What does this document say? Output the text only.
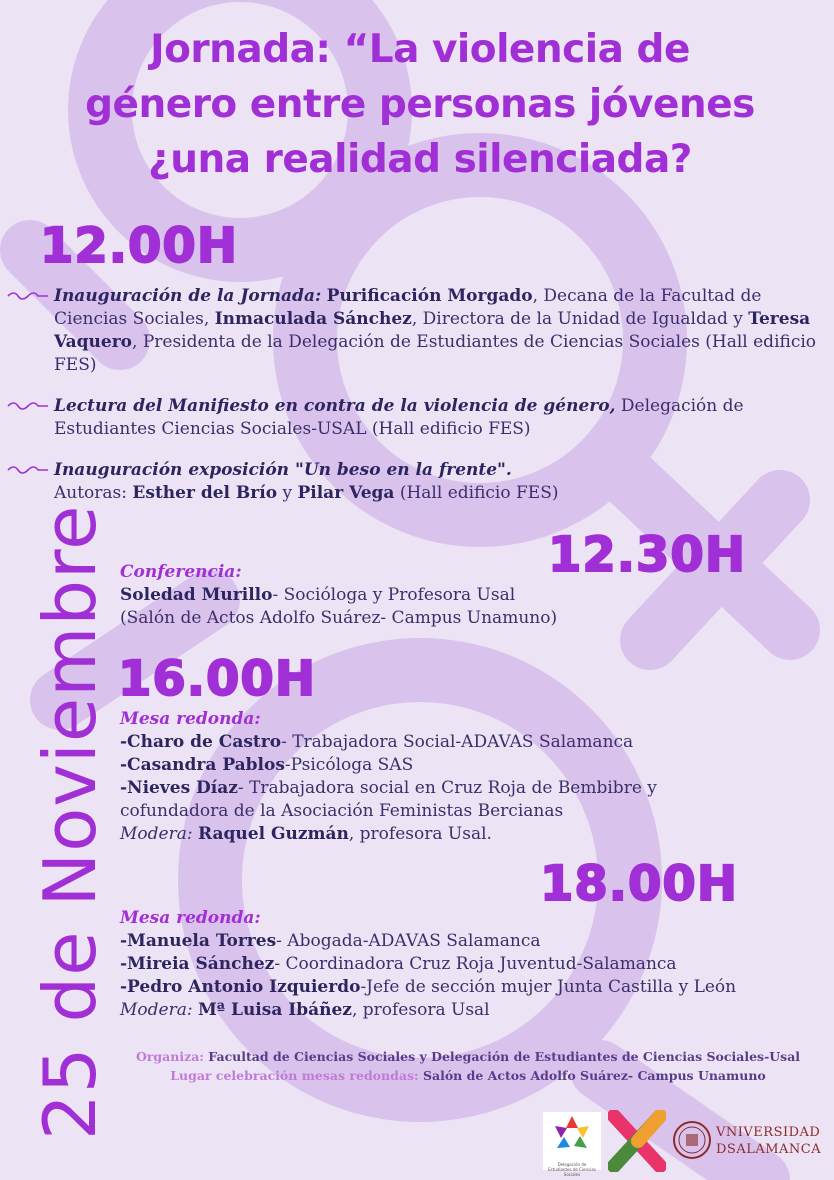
Jornada: “La violencia de
género entre personas jóvenes
¿una realidad silenciada?
12.00H
Inauguración de la Jornada: Purificación Morgado, Decana de la Facultad de Ciencias Sociales, Inmaculada Sánchez, Directora de la Unidad de Igualdad y Teresa Vaquero, Presidenta de la Delegación de Estudiantes de Ciencias Sociales (Hall edificio FES)
Lectura del Manifiesto en contra de la violencia de género, Delegación de Estudiantes Ciencias Sociales-USAL (Hall edificio FES)
Inauguración exposición "Un beso en la frente".
Autoras: Esther del Brío y Pilar Vega (Hall edificio FES)
12.30H
Conferencia:
Soledad Murillo- Socióloga y Profesora Usal
(Salón de Actos Adolfo Suárez- Campus Unamuno)
16.00H
Mesa redonda:
-Charo de Castro- Trabajadora Social-ADAVAS Salamanca
-Casandra Pablos-Psicóloga SAS
-Nieves Díaz- Trabajadora social en Cruz Roja de Bembibre y cofundadora de la Asociación Feministas Bercianas
Modera: Raquel Guzmán, profesora Usal.
18.00H
Mesa redonda:
-Manuela Torres- Abogada-ADAVAS Salamanca
-Mireia Sánchez- Coordinadora Cruz Roja Juventud-Salamanca
-Pedro Antonio Izquierdo-Jefe de sección mujer Junta Castilla y León
Modera: Mª Luisa Ibáñez, profesora Usal
25 de Noviembre	Organiza: Facultad de Ciencias Sociales y Delegación de Estudiantes de Ciencias Sociales-Usal
Lugar celebración mesas redondas: Salón de Actos Adolfo Suárez- Campus Unamuno
Delegación de Estudiantes de Ciencias Sociales
VNIVERSIDAD
DSALAMANCA
